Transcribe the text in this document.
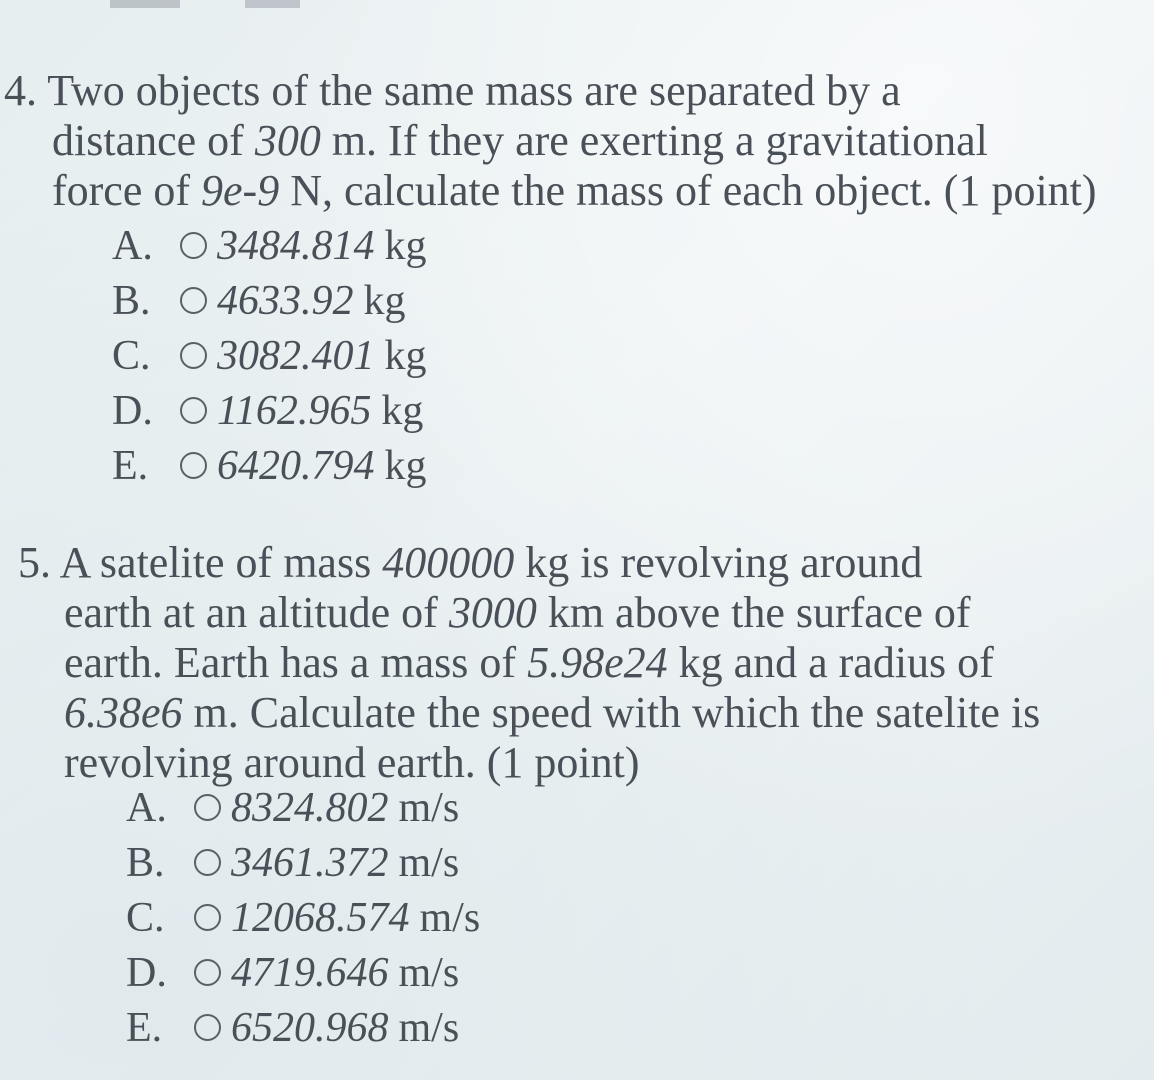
4. Two objects of the same mass are separated by a
distance of 300 m. If they are exerting a gravitational
force of 9e-9 N, calculate the mass of each object. (1 point)
A.	3484.814 kg
B.	4633.92 kg
C.	3082.401 kg
D.	1162.965 kg
E.	6420.794 kg
5. A satelite of mass 400000 kg is revolving around
earth at an altitude of 3000 km above the surface of
earth. Earth has a mass of 5.98e24 kg and a radius of
6.38e6 m. Calculate the speed with which the satelite is
revolving around earth. (1 point)
A.	8324.802 m/s
B.	3461.372 m/s
C.	12068.574 m/s
D.	4719.646 m/s
E.	6520.968 m/s
